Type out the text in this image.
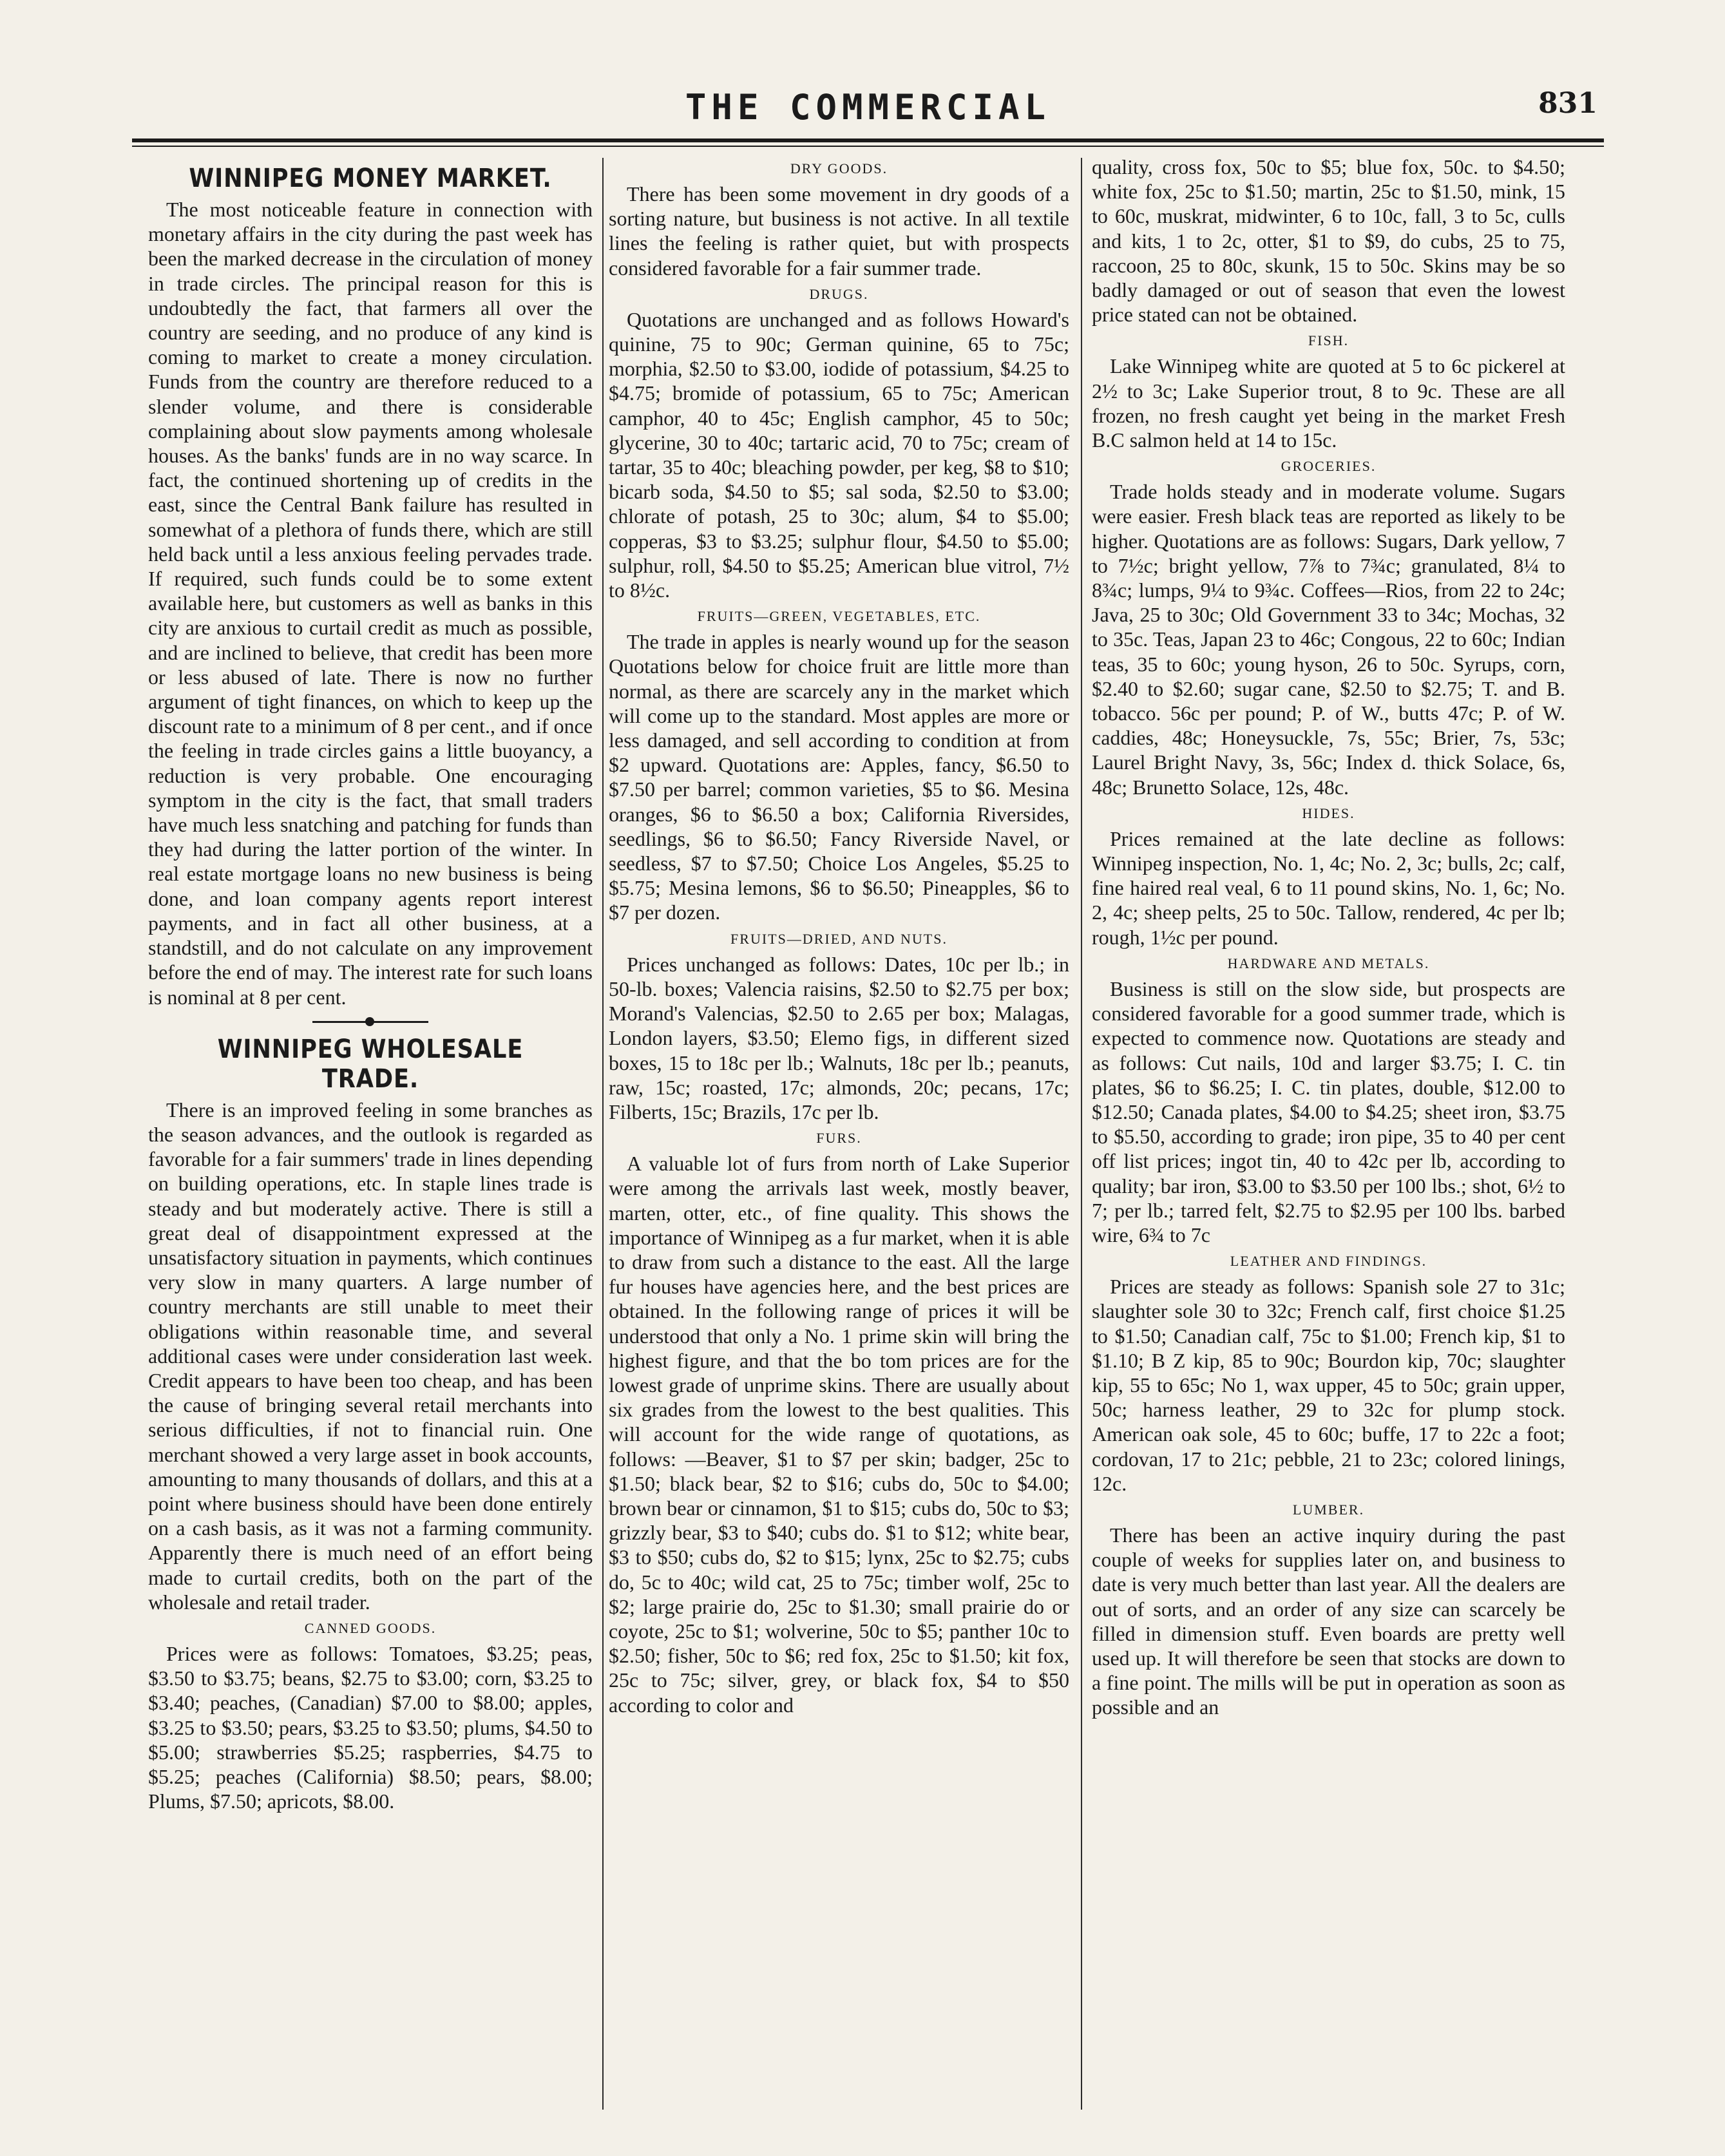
THE COMMERCIAL	831
WINNIPEG MONEY MARKET.

The most noticeable feature in connection with monetary affairs in the city during the past week has been the marked decrease in the circulation of money in trade circles. The principal reason for this is undoubtedly the fact, that farmers all over the country are seeding, and no produce of any kind is coming to market to create a money circulation. Funds from the country are therefore reduced to a slender volume, and there is considerable complaining about slow payments among wholesale houses. As the banks' funds are in no way scarce. In fact, the continued shortening up of credits in the east, since the Central Bank failure has resulted in somewhat of a plethora of funds there, which are still held back until a less anxious feeling pervades trade. If required, such funds could be to some extent available here, but customers as well as banks in this city are anxious to curtail credit as much as possible, and are inclined to believe, that credit has been more or less abused of late. There is now no further argument of tight finances, on which to keep up the discount rate to a minimum of 8 per cent., and if once the feeling in trade circles gains a little buoyancy, a reduction is very probable. One encouraging symptom in the city is the fact, that small traders have much less snatching and patching for funds than they had during the latter portion of the winter. In real estate mortgage loans no new business is being done, and loan company agents report interest payments, and in fact all other business, at a standstill, and do not calculate on any improvement before the end of may. The interest rate for such loans is nominal at 8 per cent.

WINNIPEG WHOLESALE TRADE.

There is an improved feeling in some branches as the season advances, and the outlook is regarded as favorable for a fair summers' trade in lines depending on building operations, etc. In staple lines trade is steady and but moderately active. There is still a great deal of disappointment expressed at the unsatisfactory situation in payments, which continues very slow in many quarters. A large number of country merchants are still unable to meet their obligations within reasonable time, and several additional cases were under consideration last week. Credit appears to have been too cheap, and has been the cause of bringing several retail merchants into serious difficulties, if not to financial ruin. One merchant showed a very large asset in book accounts, amounting to many thousands of dollars, and this at a point where business should have been done entirely on a cash basis, as it was not a farming community. Apparently there is much need of an effort being made to curtail credits, both on the part of the wholesale and retail trader.

CANNED GOODS.

Prices were as follows: Tomatoes, $3.25; peas, $3.50 to $3.75; beans, $2.75 to $3.00; corn, $3.25 to $3.40; peaches, (Canadian) $7.00 to $8.00; apples, $3.25 to $3.50; pears, $3.25 to $3.50; plums, $4.50 to $5.00; strawberries $5.25; raspberries, $4.75 to $5.25; peaches (California) $8.50; pears, $8.00; Plums, $7.50; apricots, $8.00.

DRY GOODS.

There has been some movement in dry goods of a sorting nature, but business is not active. In all textile lines the feeling is rather quiet, but with prospects considered favorable for a fair summer trade.

DRUGS.

Quotations are unchanged and as follows Howard's quinine, 75 to 90c; German quinine, 65 to 75c; morphia, $2.50 to $3.00, iodide of potassium, $4.25 to $4.75; bromide of potassium, 65 to 75c; American camphor, 40 to 45c; English camphor, 45 to 50c; glycerine, 30 to 40c; tartaric acid, 70 to 75c; cream of tartar, 35 to 40c; bleaching powder, per keg, $8 to $10; bicarb soda, $4.50 to $5; sal soda, $2.50 to $3.00; chlorate of potash, 25 to 30c; alum, $4 to $5.00; copperas, $3 to $3.25; sulphur flour, $4.50 to $5.00; sulphur, roll, $4.50 to $5.25; American blue vitrol, 7½ to 8½c.

FRUITS—GREEN, VEGETABLES, ETC.

The trade in apples is nearly wound up for the season Quotations below for choice fruit are little more than normal, as there are scarcely any in the market which will come up to the standard. Most apples are more or less damaged, and sell according to condition at from $2 upward. Quotations are: Apples, fancy, $6.50 to $7.50 per barrel; common varieties, $5 to $6. Mesina oranges, $6 to $6.50 a box; California Riversides, seedlings, $6 to $6.50; Fancy Riverside Navel, or seedless, $7 to $7.50; Choice Los Angeles, $5.25 to $5.75; Mesina lemons, $6 to $6.50; Pineapples, $6 to $7 per dozen.

FRUITS—DRIED, AND NUTS.

Prices unchanged as follows: Dates, 10c per lb.; in 50-lb. boxes; Valencia raisins, $2.50 to $2.75 per box; Morand's Valencias, $2.50 to 2.65 per box; Malagas, London layers, $3.50; Elemo figs, in different sized boxes, 15 to 18c per lb.; Walnuts, 18c per lb.; peanuts, raw, 15c; roasted, 17c; almonds, 20c; pecans, 17c; Filberts, 15c; Brazils, 17c per lb.

FURS.

A valuable lot of furs from north of Lake Superior were among the arrivals last week, mostly beaver, marten, otter, etc., of fine quality. This shows the importance of Winnipeg as a fur market, when it is able to draw from such a distance to the east. All the large fur houses have agencies here, and the best prices are obtained. In the following range of prices it will be understood that only a No. 1 prime skin will bring the highest figure, and that the bo tom prices are for the lowest grade of unprime skins. There are usually about six grades from the lowest to the best qualities. This will account for the wide range of quotations, as follows: —Beaver, $1 to $7 per skin; badger, 25c to $1.50; black bear, $2 to $16; cubs do, 50c to $4.00; brown bear or cinnamon, $1 to $15; cubs do, 50c to $3; grizzly bear, $3 to $40; cubs do. $1 to $12; white bear, $3 to $50; cubs do, $2 to $15; lynx, 25c to $2.75; cubs do, 5c to 40c; wild cat, 25 to 75c; timber wolf, 25c to $2; large prairie do, 25c to $1.30; small prairie do or coyote, 25c to $1; wolverine, 50c to $5; panther 10c to $2.50; fisher, 50c to $6; red fox, 25c to $1.50; kit fox, 25c to 75c; silver, grey, or black fox, $4 to $50 according to color and

quality, cross fox, 50c to $5; blue fox, 50c. to $4.50; white fox, 25c to $1.50; martin, 25c to $1.50, mink, 15 to 60c, muskrat, midwinter, 6 to 10c, fall, 3 to 5c, culls and kits, 1 to 2c, otter, $1 to $9, do cubs, 25 to 75, raccoon, 25 to 80c, skunk, 15 to 50c. Skins may be so badly damaged or out of season that even the lowest price stated can not be obtained.

FISH.

Lake Winnipeg white are quoted at 5 to 6c pickerel at 2½ to 3c; Lake Superior trout, 8 to 9c. These are all frozen, no fresh caught yet being in the market Fresh B.C salmon held at 14 to 15c.

GROCERIES.

Trade holds steady and in moderate volume. Sugars were easier. Fresh black teas are reported as likely to be higher. Quotations are as follows: Sugars, Dark yellow, 7 to 7½c; bright yellow, 7⅞ to 7¾c; granulated, 8¼ to 8¾c; lumps, 9¼ to 9¾c. Coffees—Rios, from 22 to 24c; Java, 25 to 30c; Old Government 33 to 34c; Mochas, 32 to 35c. Teas, Japan 23 to 46c; Congous, 22 to 60c; Indian teas, 35 to 60c; young hyson, 26 to 50c. Syrups, corn, $2.40 to $2.60; sugar cane, $2.50 to $2.75; T. and B. tobacco. 56c per pound; P. of W., butts 47c; P. of W. caddies, 48c; Honeysuckle, 7s, 55c; Brier, 7s, 53c; Laurel Bright Navy, 3s, 56c; Index d. thick Solace, 6s, 48c; Brunetto Solace, 12s, 48c.

HIDES.

Prices remained at the late decline as follows: Winnipeg inspection, No. 1, 4c; No. 2, 3c; bulls, 2c; calf, fine haired real veal, 6 to 11 pound skins, No. 1, 6c; No. 2, 4c; sheep pelts, 25 to 50c. Tallow, rendered, 4c per lb; rough, 1½c per pound.

HARDWARE AND METALS.

Business is still on the slow side, but prospects are considered favorable for a good summer trade, which is expected to commence now. Quotations are steady and as follows: Cut nails, 10d and larger $3.75; I. C. tin plates, $6 to $6.25; I. C. tin plates, double, $12.00 to $12.50; Canada plates, $4.00 to $4.25; sheet iron, $3.75 to $5.50, according to grade; iron pipe, 35 to 40 per cent off list prices; ingot tin, 40 to 42c per lb, according to quality; bar iron, $3.00 to $3.50 per 100 lbs.; shot, 6½ to 7; per lb.; tarred felt, $2.75 to $2.95 per 100 lbs. barbed wire, 6¾ to 7c

LEATHER AND FINDINGS.

Prices are steady as follows: Spanish sole 27 to 31c; slaughter sole 30 to 32c; French calf, first choice $1.25 to $1.50; Canadian calf, 75c to $1.00; French kip, $1 to $1.10; B Z kip, 85 to 90c; Bourdon kip, 70c; slaughter kip, 55 to 65c; No 1, wax upper, 45 to 50c; grain upper, 50c; harness leather, 29 to 32c for plump stock. American oak sole, 45 to 60c; buffe, 17 to 22c a foot; cordovan, 17 to 21c; pebble, 21 to 23c; colored linings, 12c.

LUMBER.

There has been an active inquiry during the past couple of weeks for supplies later on, and business to date is very much better than last year. All the dealers are out of sorts, and an order of any size can scarcely be filled in dimension stuff. Even boards are pretty well used up. It will therefore be seen that stocks are down to a fine point. The mills will be put in operation as soon as possible and an
